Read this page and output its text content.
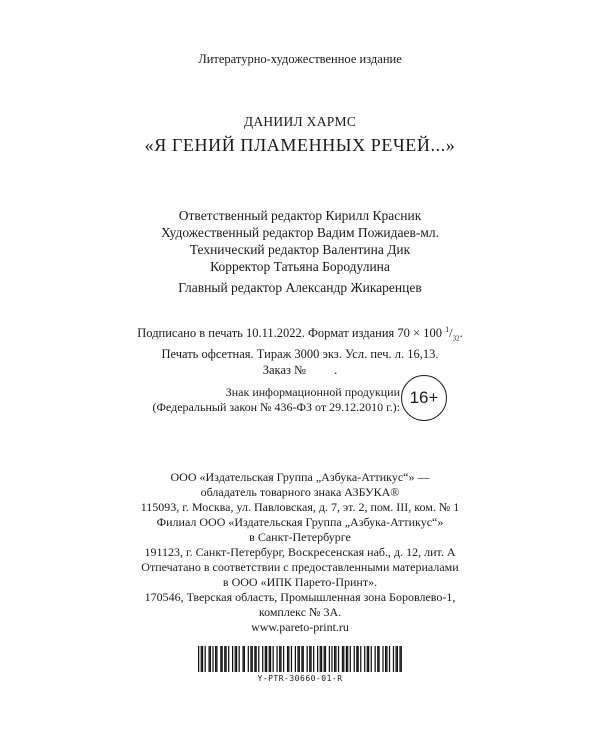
Литературно-художественное издание
ДАНИИЛ ХАРМС
«Я ГЕНИЙ ПЛАМЕННЫХ РЕЧЕЙ...»
Ответственный редактор Кирилл Красник
Художественный редактор Вадим Пожидаев-мл.
Технический редактор Валентина Дик
Корректор Татьяна Бородулина
Главный редактор Александр Жикаренцев
Подписано в печать 10.11.2022. Формат издания 70 × 100 $^1/_{32}$.
Печать офсетная. Тираж 3000 экз. Усл. печ. л. 16,13.
Заказ №         .
Знак информационной продукции
(Федеральный закон № 436-ФЗ от 29.12.2010 г.): 16+
ООО «Издательская Группа „Азбука-Аттикус“» —
обладатель товарного знака АЗБУКА®
115093, г. Москва, ул. Павловская, д. 7, эт. 2, пом. III, ком. № 1
Филиал ООО «Издательская Группа „Азбука-Аттикус“»
в Санкт-Петербурге
191123, г. Санкт-Петербург, Воскресенская наб., д. 12, лит. А
Отпечатано в соответствии с предоставленными материалами
в ООО «ИПК Парето-Принт».
170546, Тверская область, Промышленная зона Боровлево-1,
комплекс № 3А.
www.pareto-print.ru
Y-PTR-30660-01-R
